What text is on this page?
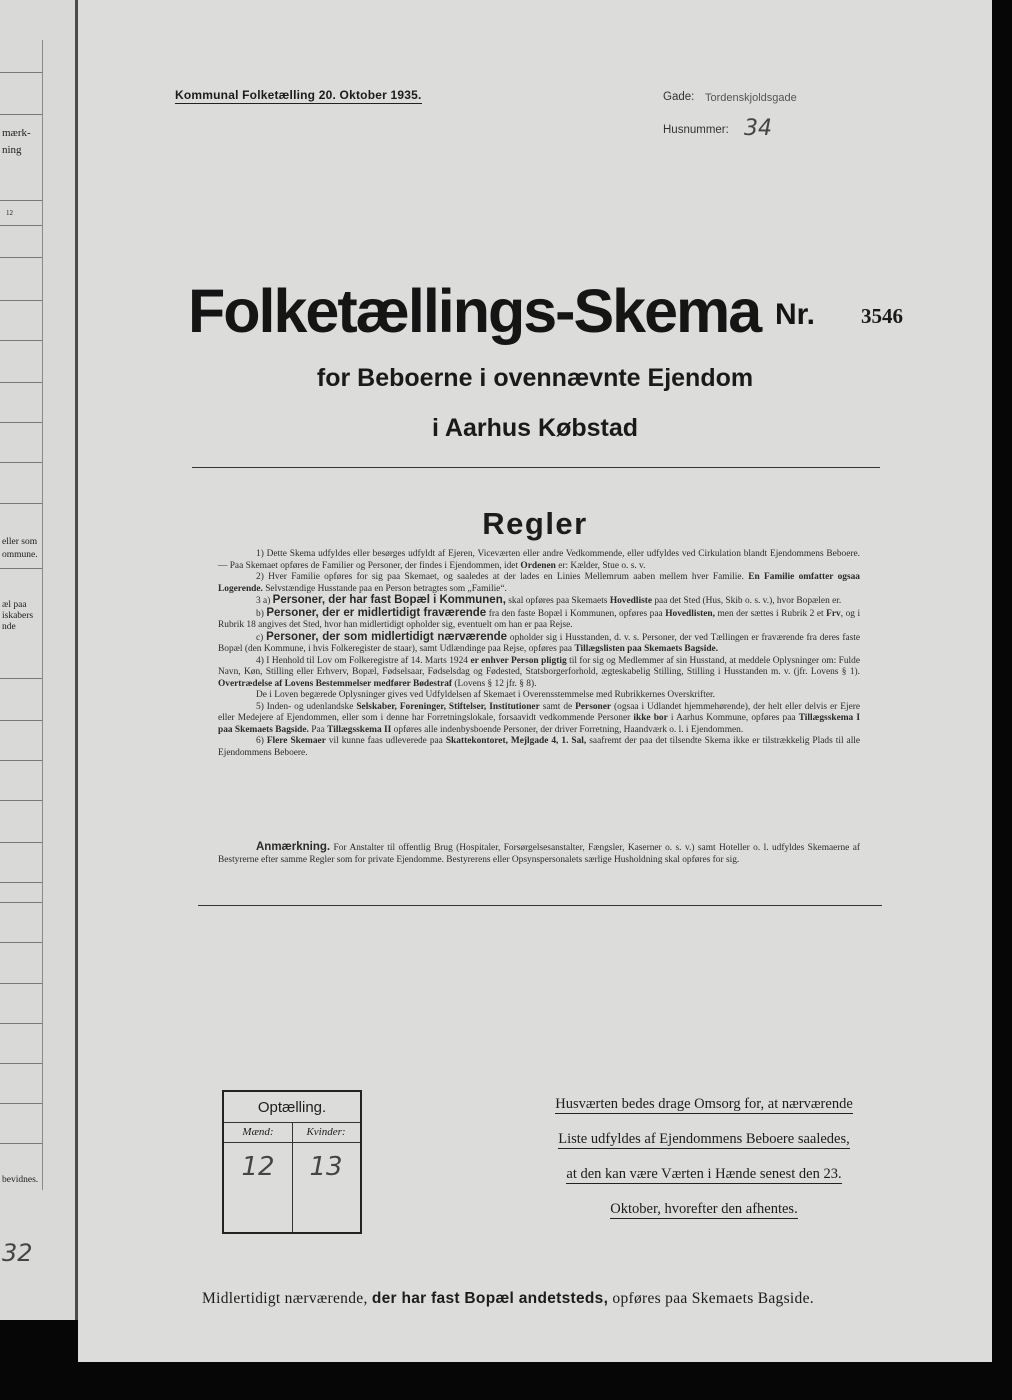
mærk-
ning
12
eller som
ommune.
æl paa
iskabers
nde
bevidnes.
32
Kommunal Folketælling 20. Oktober 1935.	Gade: Tordenskjoldsgade
Husnummer: 34
Folketællings-Skema Nr. 3546
for Beboerne i ovennævnte Ejendom
i Aarhus Købstad
Regler

1) Dette Skema udfyldes eller besørges udfyldt af Ejeren, Viceværten eller andre Vedkommende, eller udfyldes ved Cirkulation blandt Ejendommens Beboere. — Paa Skemaet opføres de Familier og Personer, der findes i Ejendommen, idet Ordenen er: Kælder, Stue o. s. v.

2) Hver Familie opføres for sig paa Skemaet, og saaledes at der lades en Linies Mellemrum aaben mellem hver Familie. En Familie omfatter ogsaa Logerende. Selvstændige Husstande paa en Person betragtes som „Familie“.

3 a) Personer, der har fast Bopæl i Kommunen, skal opføres paa Skemaets Hovedliste paa det Sted (Hus, Skib o. s. v.), hvor Bopælen er.

b) Personer, der er midlertidigt fraværende fra den faste Bopæl i Kommunen, opføres paa Hovedlisten, men der sættes i Rubrik 2 et Frv, og i Rubrik 18 angives det Sted, hvor han midlertidigt opholder sig, eventuelt om han er paa Rejse.

c) Personer, der som midlertidigt nærværende opholder sig i Husstanden, d. v. s. Personer, der ved Tællingen er fraværende fra deres faste Bopæl (den Kommune, i hvis Folkeregister de staar), samt Udlændinge paa Rejse, opføres paa Tillægslisten paa Skemaets Bagside.

4) I Henhold til Lov om Folkeregistre af 14. Marts 1924 er enhver Person pligtig til for sig og Medlemmer af sin Husstand, at meddele Oplysninger om: Fulde Navn, Køn, Stilling eller Erhverv, Bopæl, Fødselsaar, Fødselsdag og Fødested, Statsborgerforhold, ægteskabelig Stilling, Stilling i Husstanden m. v. (jfr. Lovens § 1). Overtrædelse af Lovens Bestemmelser medfører Bødestraf (Lovens § 12 jfr. § 8).

De i Loven begærede Oplysninger gives ved Udfyldelsen af Skemaet i Overensstemmelse med Rubrikkernes Overskrifter.

5) Inden- og udenlandske Selskaber, Foreninger, Stiftelser, Institutioner samt de Personer (ogsaa i Udlandet hjemmehørende), der helt eller delvis er Ejere eller Medejere af Ejendommen, eller som i denne har Forretningslokale, forsaavidt vedkommende Personer ikke bor i Aarhus Kommune, opføres paa Tillægsskema I paa Skemaets Bagside. Paa Tillægsskema II opføres alle indenbysboende Personer, der driver Forretning, Haandværk o. l. i Ejendommen.

6) Flere Skemaer vil kunne faas udleverede paa Skattekontoret, Mejlgade 4, 1. Sal, saafremt der paa det tilsendte Skema ikke er tilstrækkelig Plads til alle Ejendommens Beboere.

Anmærkning. For Anstalter til offentlig Brug (Hospitaler, Forsørgelsesanstalter, Fængsler, Kaserner o. s. v.) samt Hoteller o. l. udfyldes Skemaerne af Bestyrerne efter samme Regler som for private Ejendomme. Bestyrerens eller Opsynspersonalets særlige Husholdning skal opføres for sig.
Optælling.
Mænd:	Kvinder:
12	13
Husværten bedes drage Omsorg for, at nærværende
Liste udfyldes af Ejendommens Beboere saaledes,
at den kan være Værten i Hænde senest den 23.
Oktober, hvorefter den afhentes.
Midlertidigt nærværende, der har fast Bopæl andetsteds, opføres paa Skemaets Bagside.
